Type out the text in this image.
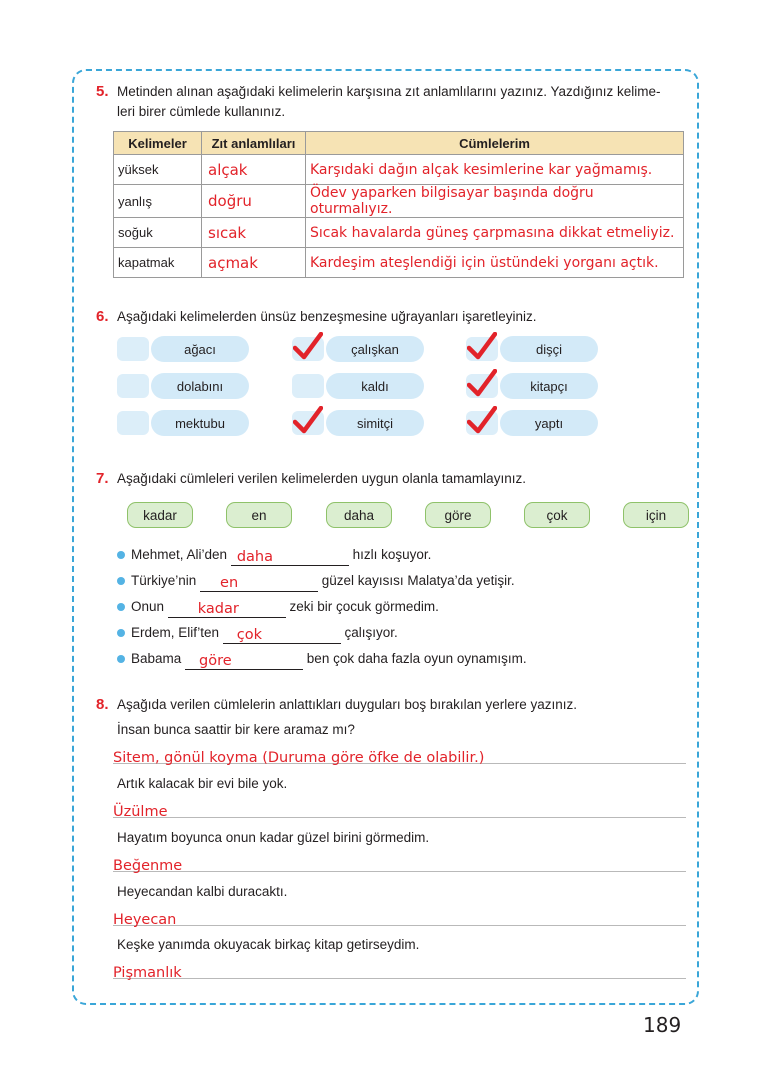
5. Metinden alınan aşağıdaki kelimelerin karşısına zıt anlamlılarını yazınız. Yazdığınız kelime-
leri birer cümlede kullanınız.
Kelimeler	Zıt anlamlıları	Cümlelerim
yüksek	alçak	Karşıdaki dağın alçak kesimlerine kar yağmamış.
yanlış	doğru	Ödev yaparken bilgisayar başında doğru oturmalıyız.
soğuk	sıcak	Sıcak havalarda güneş çarpmasına dikkat etmeliyiz.
kapatmak	açmak	Kardeşim ateşlendiği için üstündeki yorganı açtık.
6. Aşağıdaki kelimelerden ünsüz benzeşmesine uğrayanları işaretleyiniz.
ağacı	çalışkan	dişçi
dolabını	kaldı	kitapçı
mektubu	simitçi	yaptı
7. Aşağıdaki cümleleri verilen kelimelerden uygun olanla tamamlayınız.
kadar	en	daha	göre	çok	için
Mehmet, Ali’den daha	hızlı koşuyor.
Türkiye’nin en	güzel kayısısı Malatya’da yetişir.
Onun kadar	zeki bir çocuk görmedim.
Erdem, Elif’ten çok	çalışıyor.
Babama göre	ben çok daha fazla oyun oynamışım.
8. Aşağıda verilen cümlelerin anlattıkları duyguları boş bırakılan yerlere yazınız.
İnsan bunca saattir bir kere aramaz mı?
Sitem, gönül koyma (Duruma göre öfke de olabilir.)
Artık kalacak bir evi bile yok.
Üzülme
Hayatım boyunca onun kadar güzel birini görmedim.
Beğenme
Heyecandan kalbi duracaktı.
Heyecan
Keşke yanımda okuyacak birkaç kitap getirseydim.
Pişmanlık
189
